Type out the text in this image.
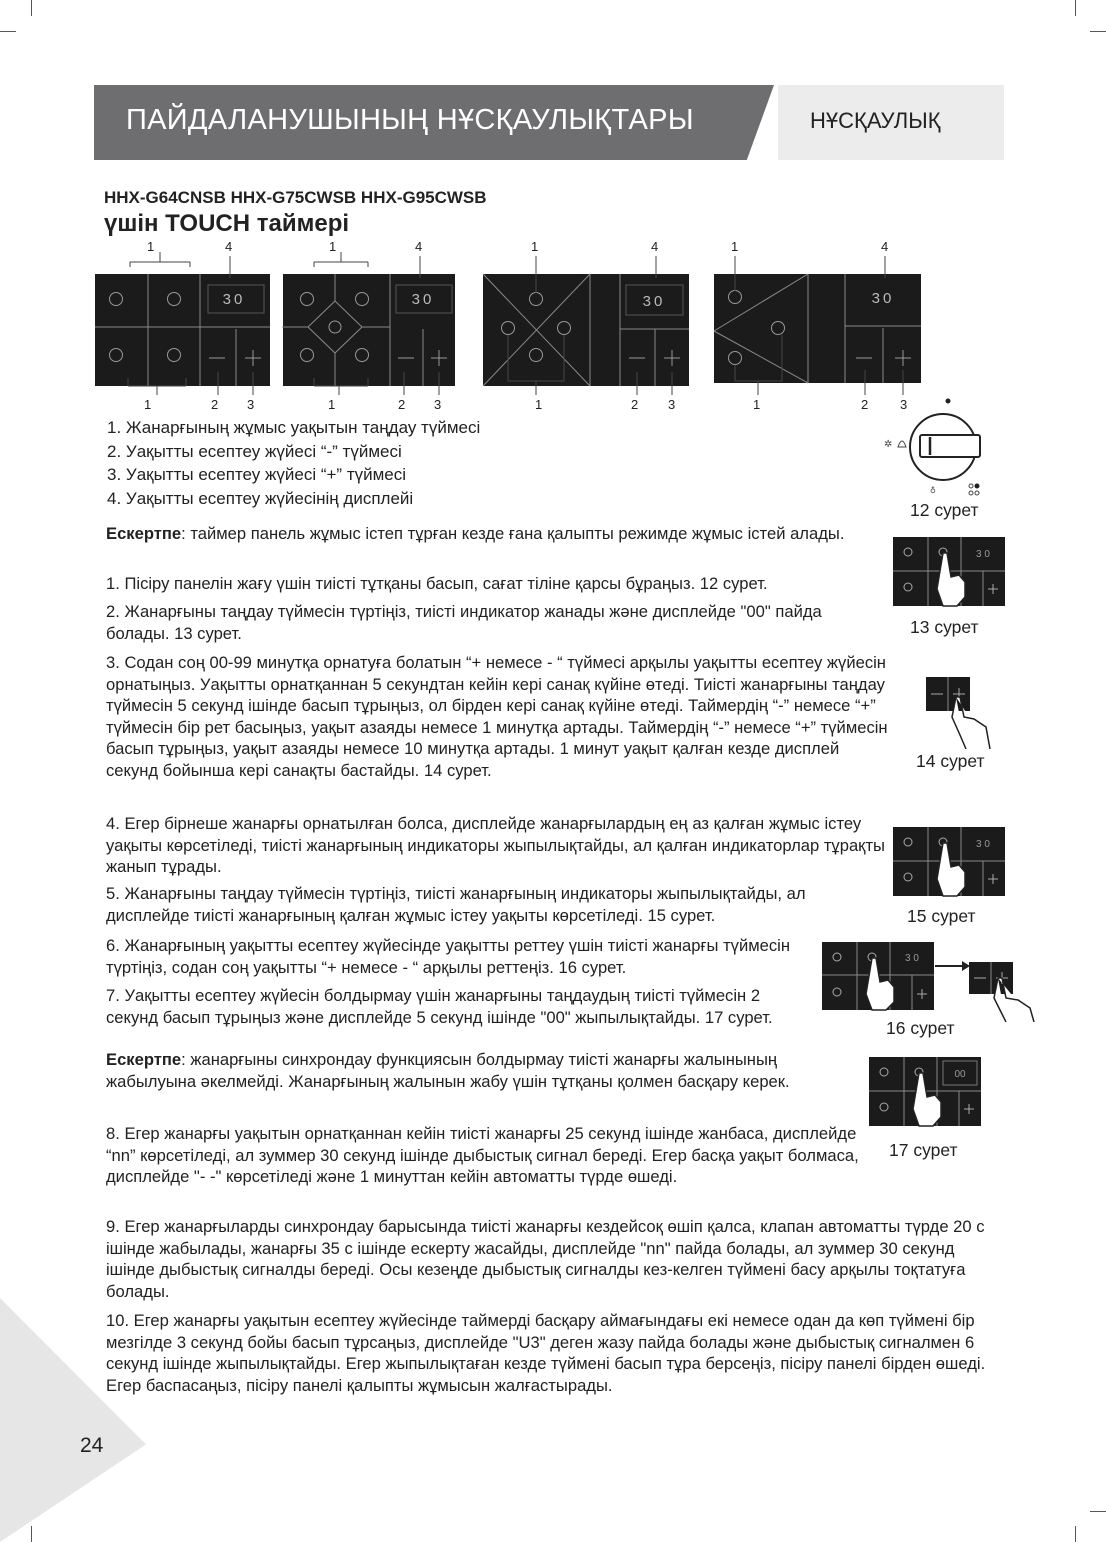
ПАЙДАЛАНУШЫНЫҢ НҰСҚАУЛЫҚТАРЫ	НҰСҚАУЛЫҚ
HHX-G64CNSB HHX-G75CWSB HHX-G95CWSB
үшін TOUCH таймері
30
1	4
1	2 3
30
1	4
1	2 3
30
1	4
1	2 3
30
1	4
1	2 3
1. Жанарғының жұмыс уақытын таңдау түймесі
2. Уақытты есептеу жүйесі “-” түймесі
3. Уақытты есептеу жүйесі “+” түймесі
4. Уақытты есептеу жүйесінің дисплейі
Ескертпе: таймер панель жұмыс істеп тұрған кезде ғана қалыпты режимде жұмыс істей алады.
1. Пісіру панелін жағу үшін тиісті тұтқаны басып, сағат тіліне қарсы бұраңыз. 12 сурет.
2. Жанарғыны таңдау түймесін түртіңіз, тиісті индикатор жанады және дисплейде "00" пайда болады. 13 сурет.
3. Содан соң 00-99 минутқа орнатуға болатын “+ немесе - “ түймесі арқылы уақытты есептеу жүйесін орнатыңыз. Уақытты орнатқаннан 5 секундтан кейін кері санақ күйіне өтеді. Тиісті жанарғыны таңдау түймесін 5 секунд ішінде басып тұрыңыз, ол бірден кері санақ күйіне өтеді. Таймердің “-” немесе “+” түймесін бір рет басыңыз, уақыт азаяды немесе 1 минутқа артады. Таймердің “-” немесе “+” түймесін басып тұрыңыз, уақыт азаяды немесе 10 минутқа артады. 1 минут уақыт қалған кезде дисплей секунд бойынша кері санақты бастайды. 14 сурет.
4. Егер бірнеше жанарғы орнатылған болса, дисплейде жанарғылардың ең аз қалған жұмыс істеу уақыты көрсетіледі, тиісті жанарғының индикаторы жыпылықтайды, ал қалған индикаторлар тұрақты жанып тұрады.
5. Жанарғыны таңдау түймесін түртіңіз, тиісті жанарғының индикаторы жыпылықтайды, ал дисплейде тиісті жанарғының қалған жұмыс істеу уақыты көрсетіледі. 15 сурет.
6. Жанарғының уақытты есептеу жүйесінде уақытты реттеу үшін тиісті жанарғы түймесін түртіңіз, содан соң уақытты “+ немесе - “ арқылы реттеңіз. 16 сурет.
7. Уақытты есептеу жүйесін болдырмау үшін жанарғыны таңдаудың тиісті түймесін 2 секунд басып тұрыңыз және дисплейде 5 секунд ішінде "00" жыпылықтайды. 17 сурет.
Ескертпе: жанарғыны синхрондау функциясын болдырмау тиісті жанарғы жалынының жабылуына әкелмейді. Жанарғының жалынын жабу үшін тұтқаны қолмен басқару керек.
8. Егер жанарғы уақытын орнатқаннан кейін тиісті жанарғы 25 секунд ішінде жанбаса, дисплейде “nn” көрсетіледі, ал зуммер 30 секунд ішінде дыбыстық сигнал береді. Егер басқа уақыт болмаса, дисплейде "- -" көрсетіледі және 1 минуттан кейін автоматты түрде өшеді.
9. Егер жанарғыларды синхрондау барысында тиісті жанарғы кездейсоқ өшіп қалса, клапан автоматты түрде 20 с ішінде жабылады, жанарғы 35 с ішінде ескерту жасайды, дисплейде "nn" пайда болады, ал зуммер 30 секунд ішінде дыбыстық сигналды береді. Осы кезеңде дыбыстық сигналды кез-келген түймені басу арқылы тоқтатуға болады.
10. Егер жанарғы уақытын есептеу жүйесінде таймерді басқару аймағындағы екі немесе одан да көп түймені бір мезгілде 3 секунд бойы басып тұрсаңыз, дисплейде "U3" деген жазу пайда болады және дыбыстық сигналмен 6 секунд ішінде жыпылықтайды. Егер жыпылықтаған кезде түймені басып тұра берсеңіз, пісіру панелі бірден өшеді. Егер баспасаңыз, пісіру панелі қалыпты жұмысын жалғастырады.
✲
♁
12 сурет
3 0
13 сурет
14 сурет
3 0
15 сурет
3 0
16 сурет
00
17 сурет
24
